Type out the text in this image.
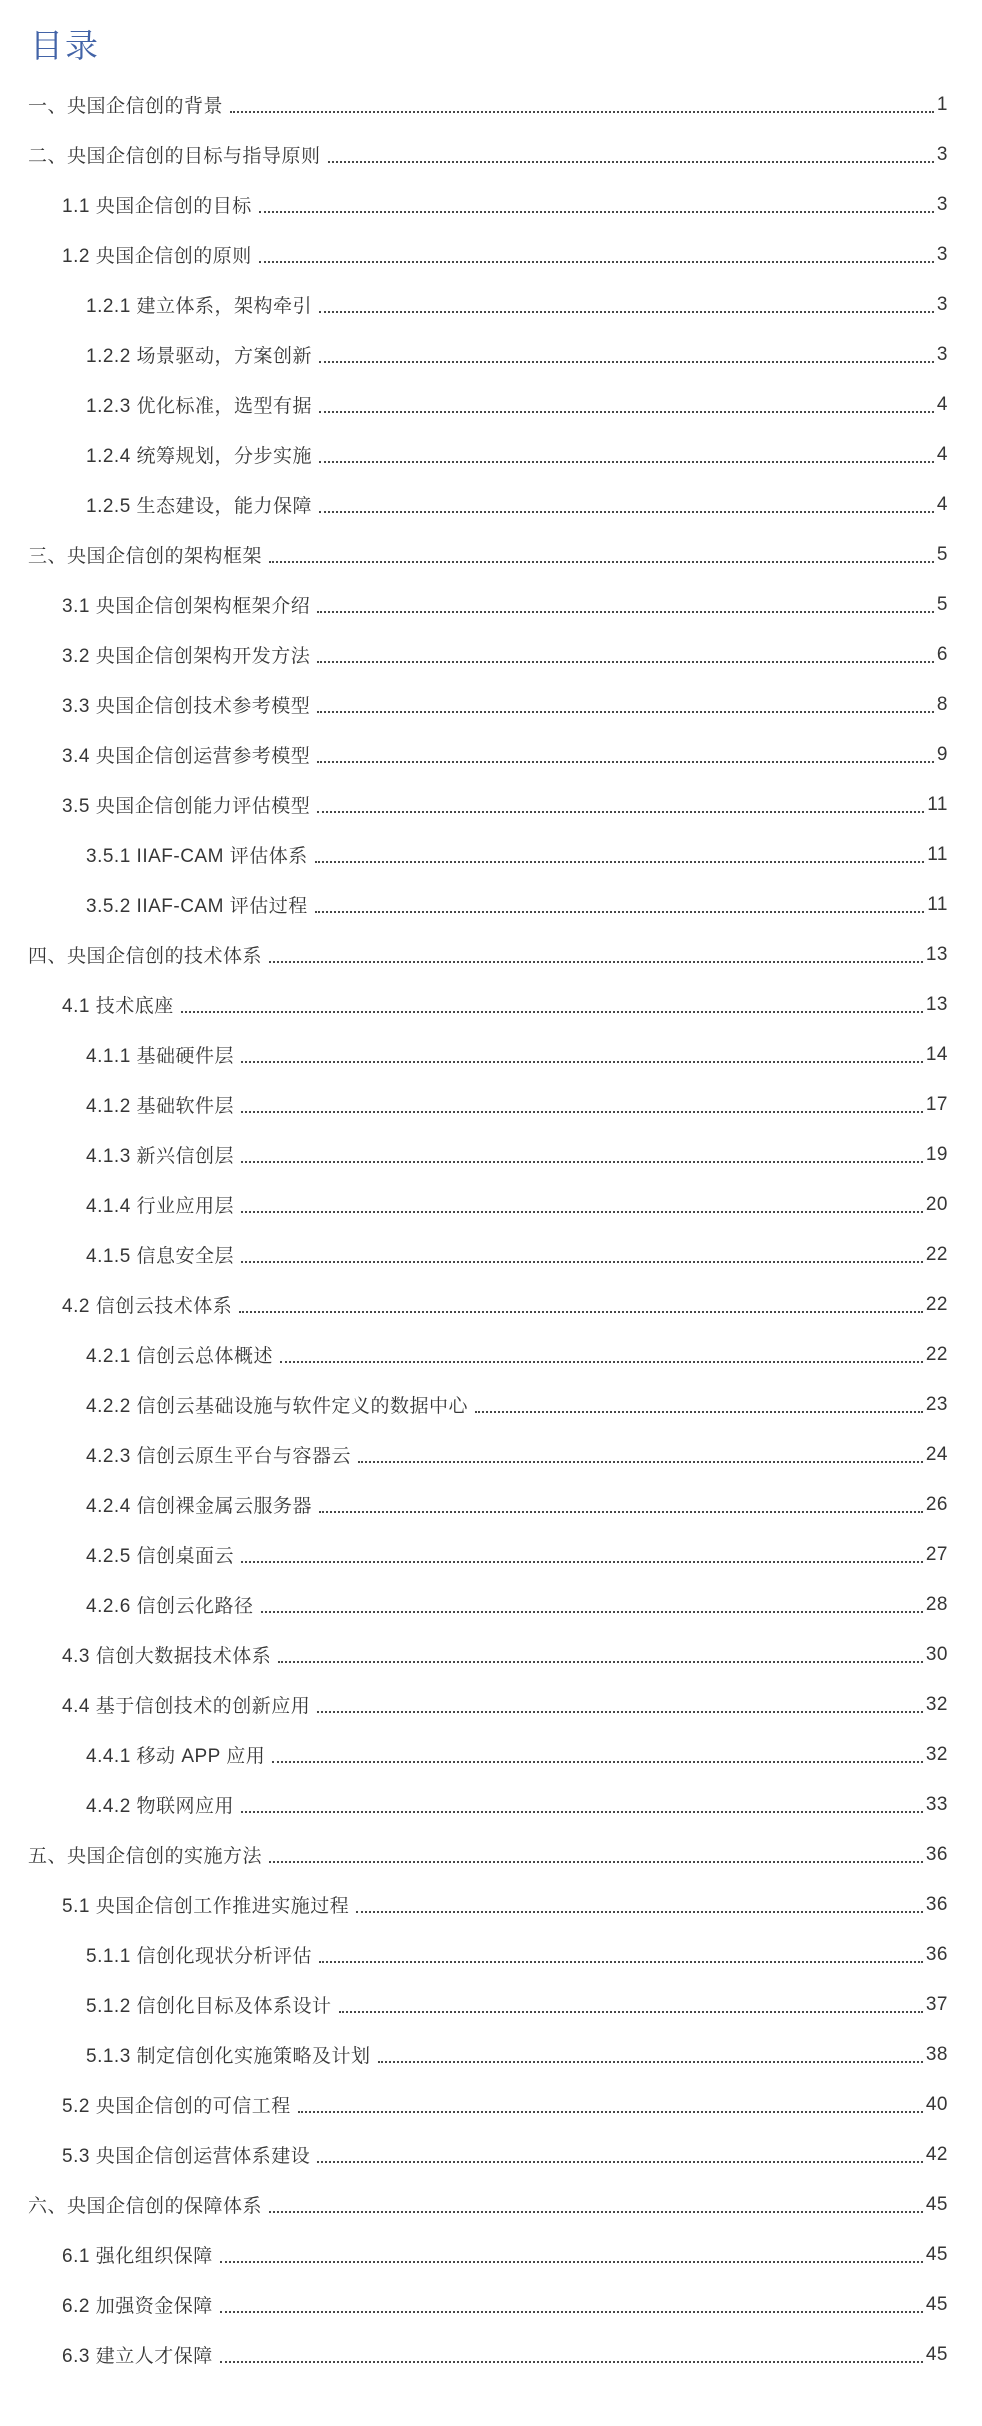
目录
一、央国企信创的背景	1
二、央国企信创的目标与指导原则	3
1.1 央国企信创的目标	3
1.2 央国企信创的原则	3
1.2.1 建立体系，架构牵引	3
1.2.2 场景驱动，方案创新	3
1.2.3 优化标准，选型有据	4
1.2.4 统筹规划，分步实施	4
1.2.5 生态建设，能力保障	4
三、央国企信创的架构框架	5
3.1 央国企信创架构框架介绍	5
3.2 央国企信创架构开发方法	6
3.3 央国企信创技术参考模型	8
3.4 央国企信创运营参考模型	9
3.5 央国企信创能力评估模型	11
3.5.1 IIAF-CAM 评估体系	11
3.5.2 IIAF-CAM 评估过程	11
四、央国企信创的技术体系	13
4.1 技术底座	13
4.1.1 基础硬件层	14
4.1.2 基础软件层	17
4.1.3 新兴信创层	19
4.1.4 行业应用层	20
4.1.5 信息安全层	22
4.2 信创云技术体系	22
4.2.1 信创云总体概述	22
4.2.2 信创云基础设施与软件定义的数据中心	23
4.2.3 信创云原生平台与容器云	24
4.2.4 信创裸金属云服务器	26
4.2.5 信创桌面云	27
4.2.6 信创云化路径	28
4.3 信创大数据技术体系	30
4.4 基于信创技术的创新应用	32
4.4.1 移动 APP 应用	32
4.4.2 物联网应用	33
五、央国企信创的实施方法	36
5.1 央国企信创工作推进实施过程	36
5.1.1 信创化现状分析评估	36
5.1.2 信创化目标及体系设计	37
5.1.3 制定信创化实施策略及计划	38
5.2 央国企信创的可信工程	40
5.3 央国企信创运营体系建设	42
六、央国企信创的保障体系	45
6.1 强化组织保障	45
6.2 加强资金保障	45
6.3 建立人才保障	45
